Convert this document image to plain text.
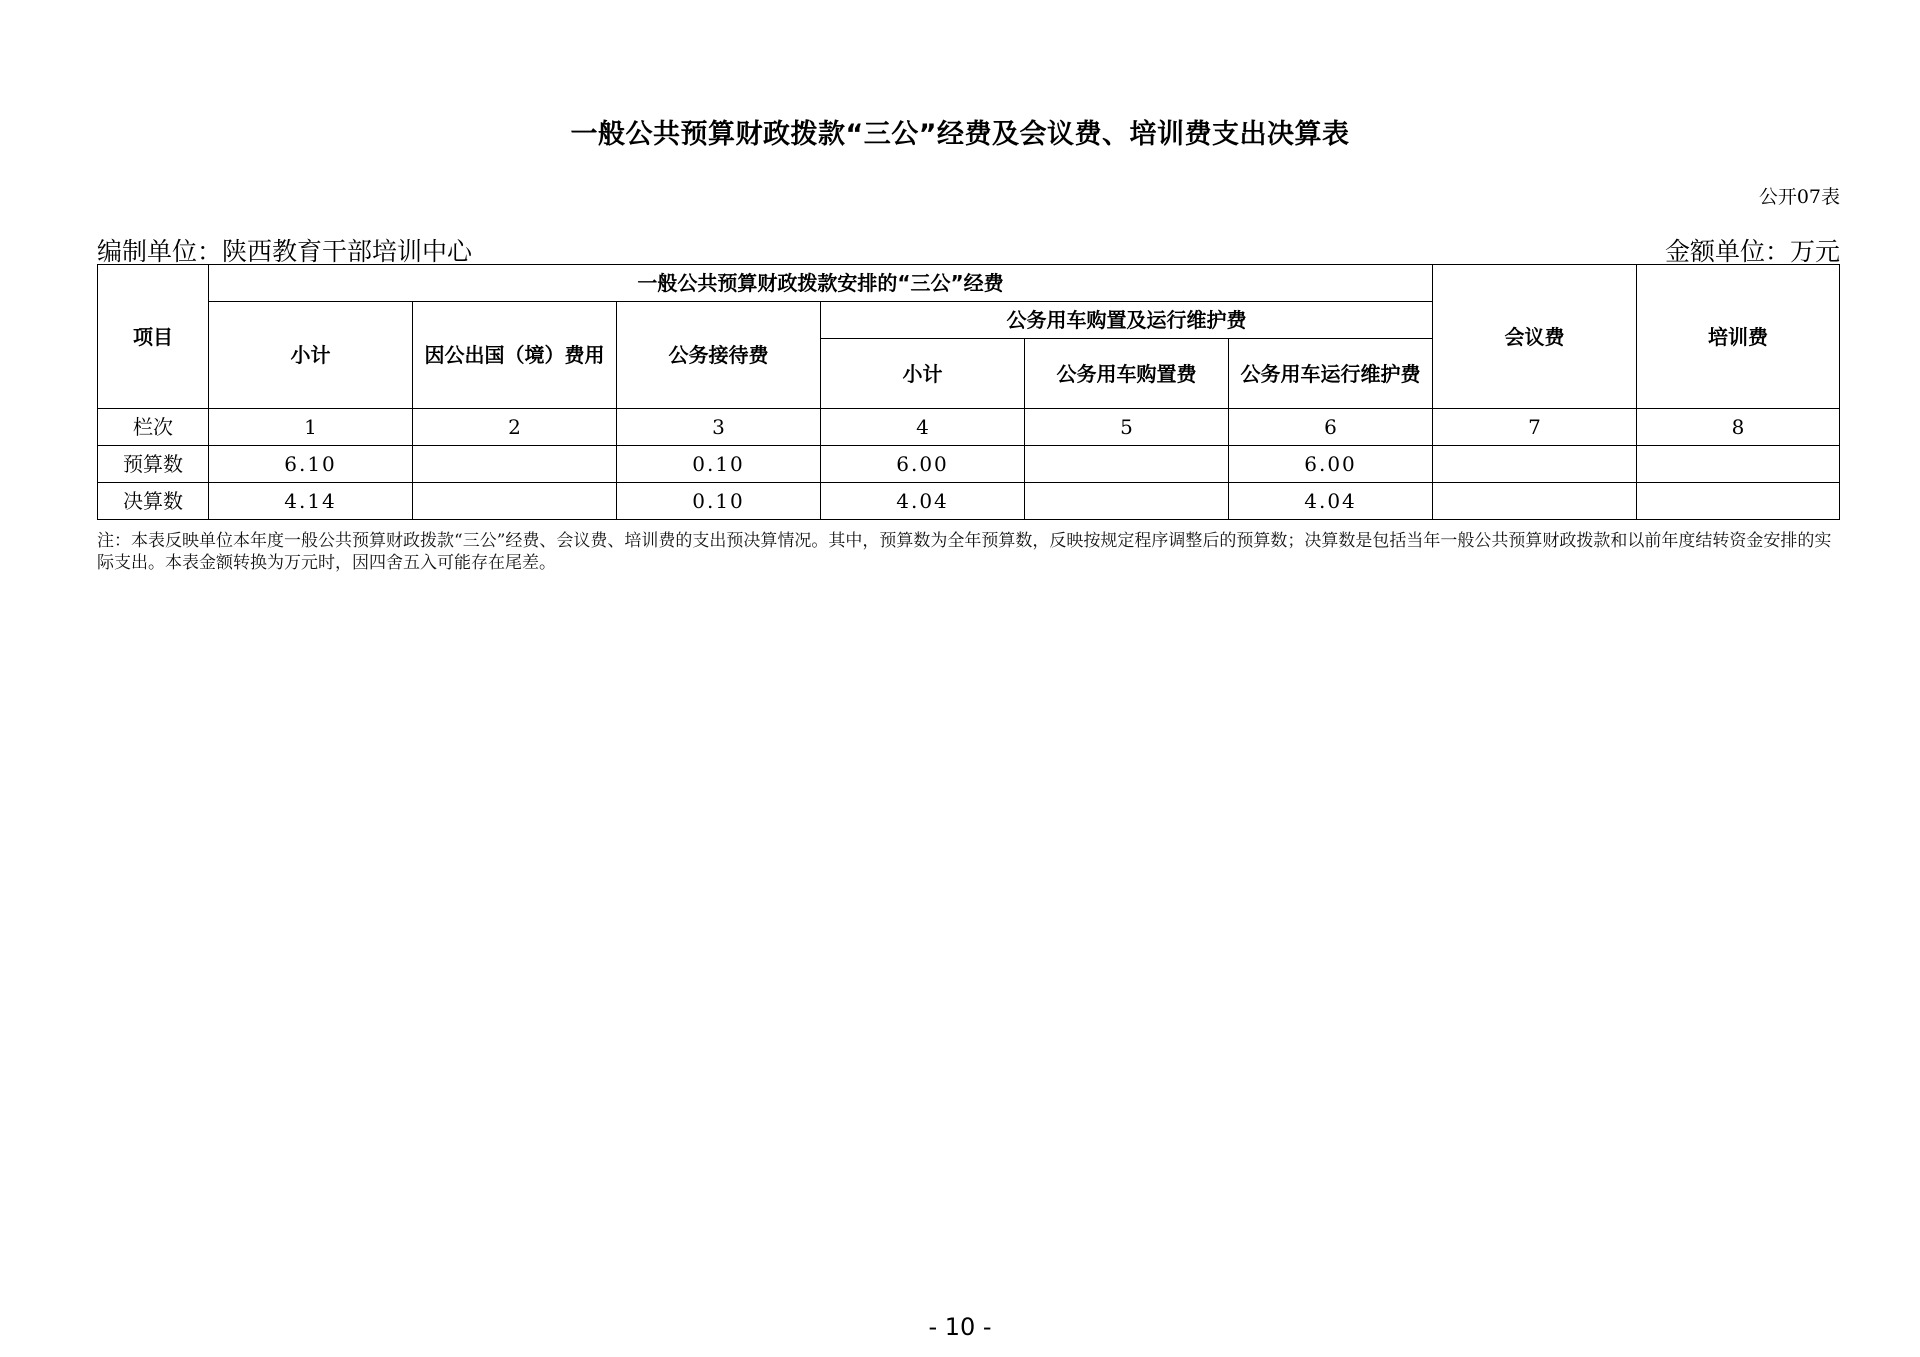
一般公共预算财政拨款“三公”经费及会议费、培训费支出决算表
公开07表
编制单位：陕西教育干部培训中心	金额单位：万元
项目	一般公共预算财政拨款安排的“三公”经费						会议费	培训费
	小计	因公出国（境）费用	公务接待费	公务用车购置及运行维护费				
				小计	公务用车购置费	公务用车运行维护费		
栏次	1	2	3	4	5	6	7	8
预算数	6.10		0.10	6.00		6.00		
决算数	4.14		0.10	4.04		4.04		
注：本表反映单位本年度一般公共预算财政拨款“三公”经费、会议费、培训费的支出预决算情况。其中，预算数为全年预算数，反映按规定程序调整后的预算数；决算数是包括当年一般公共预算财政拨款和以前年度结转资金安排的实际支出。本表金额转换为万元时，因四舍五入可能存在尾差。
- 10 -
